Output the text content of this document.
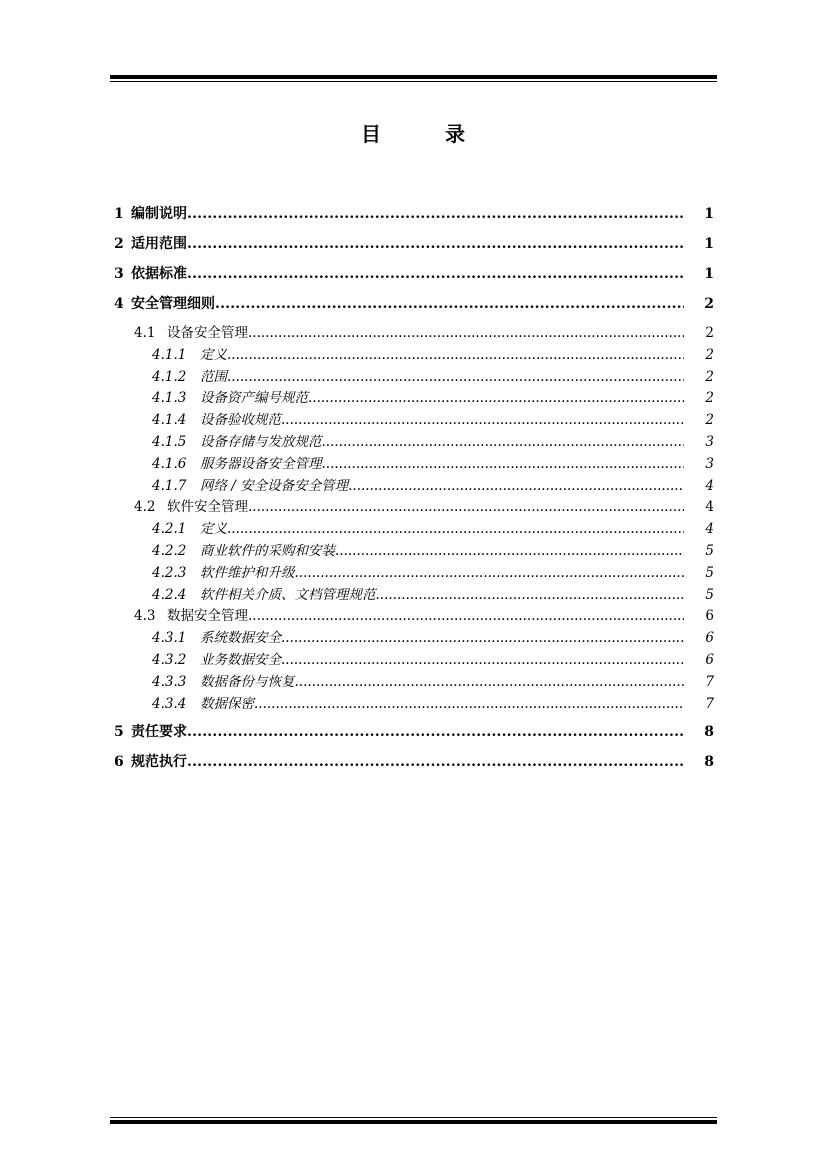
目　录
1 编制说明 .....	1
2 适用范围 .....	1
3 依据标准 .....	1
4 安全管理细则 .....	2
4.1 设备安全管理 .....	2
4.1.1	定义 .....	2
4.1.2	范围 .....	2
4.1.3	设备资产编号规范 .....	2
4.1.4	设备验收规范 .....	2
4.1.5	设备存储与发放规范 .....	3
4.1.6	服务器设备安全管理 .....	3
4.1.7	网络 / 安全设备安全管理 .....	4
4.2 软件安全管理 .....	4
4.2.1	定义 .....	4
4.2.2	商业软件的采购和安装 .....	5
4.2.3	软件维护和升级 .....	5
4.2.4	软件相关介质、文档管理规范 .....	5
4.3 数据安全管理 .....	6
4.3.1	系统数据安全 .....	6
4.3.2	业务数据安全 .....	6
4.3.3	数据备份与恢复 .....	7
4.3.4	数据保密 .....	7
5 责任要求 .....	8
6 规范执行 .....	8
